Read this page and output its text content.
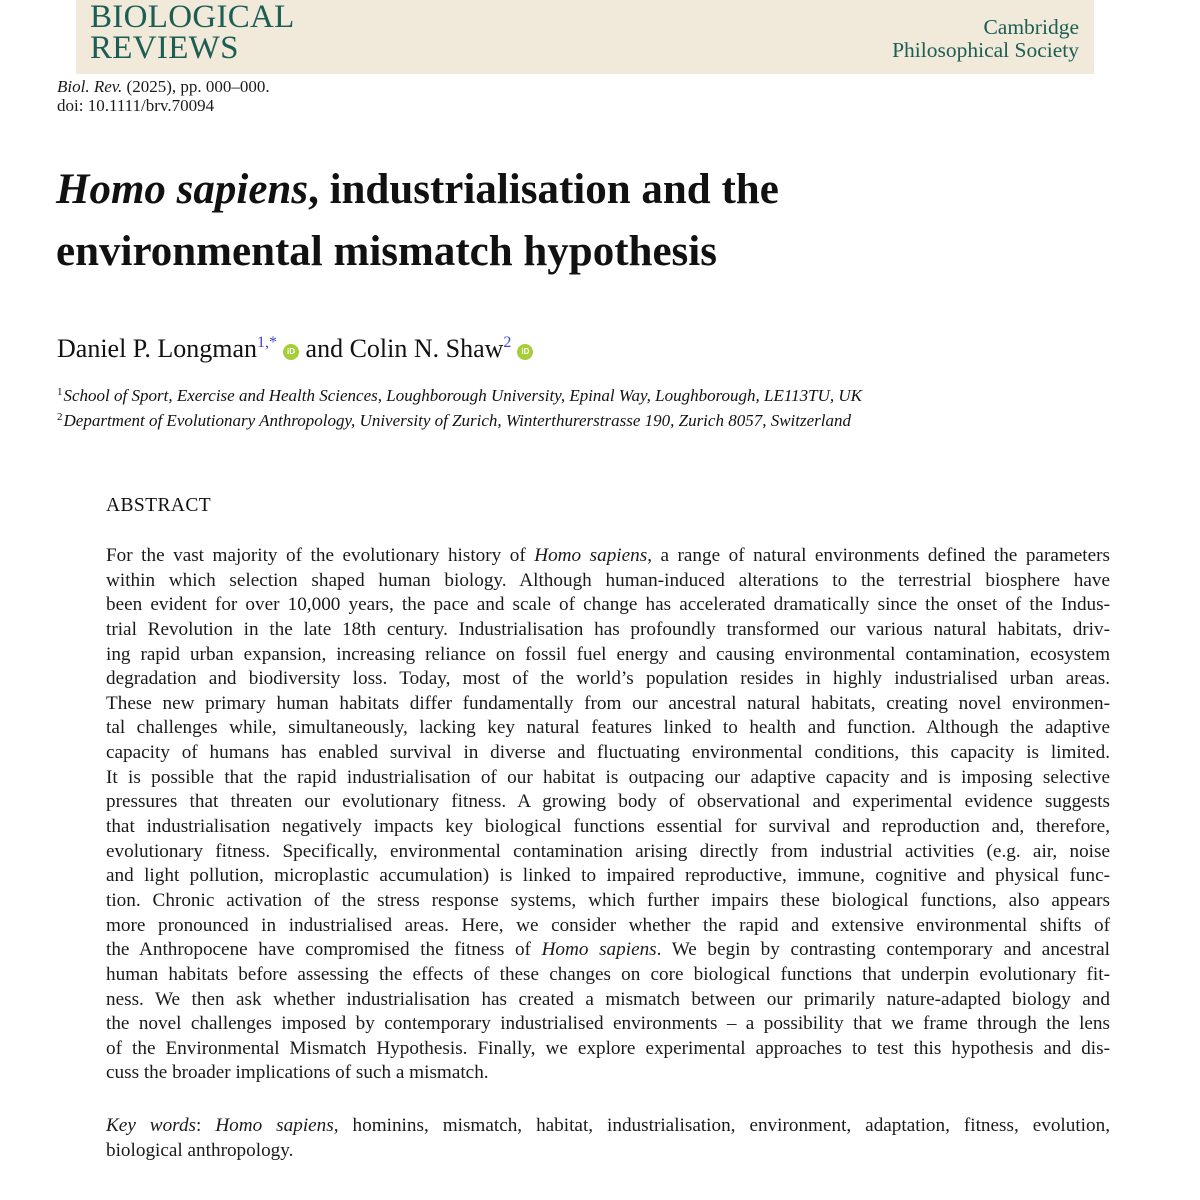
BIOLOGICAL
REVIEWS
Cambridge
Philosophical Society
Biol. Rev. (2025), pp. 000–000.
doi: 10.1111/brv.70094
Homo sapiens, industrialisation and the
environmental mismatch hypothesis
Daniel P. Longman$^{1,*}$iD and Colin N. Shaw$^2$iD
$^1$School of Sport, Exercise and Health Sciences, Loughborough University, Epinal Way, Loughborough, LE113TU, UK
$^2$Department of Evolutionary Anthropology, University of Zurich, Winterthurerstrasse 190, Zurich 8057, Switzerland
ABSTRACT
For the vast majority of the evolutionary history of Homo sapiens, a range of natural environments defined the parameters
within which selection shaped human biology. Although human-induced alterations to the terrestrial biosphere have
been evident for over 10,000 years, the pace and scale of change has accelerated dramatically since the onset of the Indus-
trial Revolution in the late 18th century. Industrialisation has profoundly transformed our various natural habitats, driv-
ing rapid urban expansion, increasing reliance on fossil fuel energy and causing environmental contamination, ecosystem
degradation and biodiversity loss. Today, most of the world’s population resides in highly industrialised urban areas.
These new primary human habitats differ fundamentally from our ancestral natural habitats, creating novel environmen-
tal challenges while, simultaneously, lacking key natural features linked to health and function. Although the adaptive
capacity of humans has enabled survival in diverse and fluctuating environmental conditions, this capacity is limited.
It is possible that the rapid industrialisation of our habitat is outpacing our adaptive capacity and is imposing selective
pressures that threaten our evolutionary fitness. A growing body of observational and experimental evidence suggests
that industrialisation negatively impacts key biological functions essential for survival and reproduction and, therefore,
evolutionary fitness. Specifically, environmental contamination arising directly from industrial activities (e.g. air, noise
and light pollution, microplastic accumulation) is linked to impaired reproductive, immune, cognitive and physical func-
tion. Chronic activation of the stress response systems, which further impairs these biological functions, also appears
more pronounced in industrialised areas. Here, we consider whether the rapid and extensive environmental shifts of
the Anthropocene have compromised the fitness of Homo sapiens. We begin by contrasting contemporary and ancestral
human habitats before assessing the effects of these changes on core biological functions that underpin evolutionary fit-
ness. We then ask whether industrialisation has created a mismatch between our primarily nature-adapted biology and
the novel challenges imposed by contemporary industrialised environments – a possibility that we frame through the lens
of the Environmental Mismatch Hypothesis. Finally, we explore experimental approaches to test this hypothesis and dis-
cuss the broader implications of such a mismatch.
Key words: Homo sapiens, hominins, mismatch, habitat, industrialisation, environment, adaptation, fitness, evolution,
biological anthropology.
